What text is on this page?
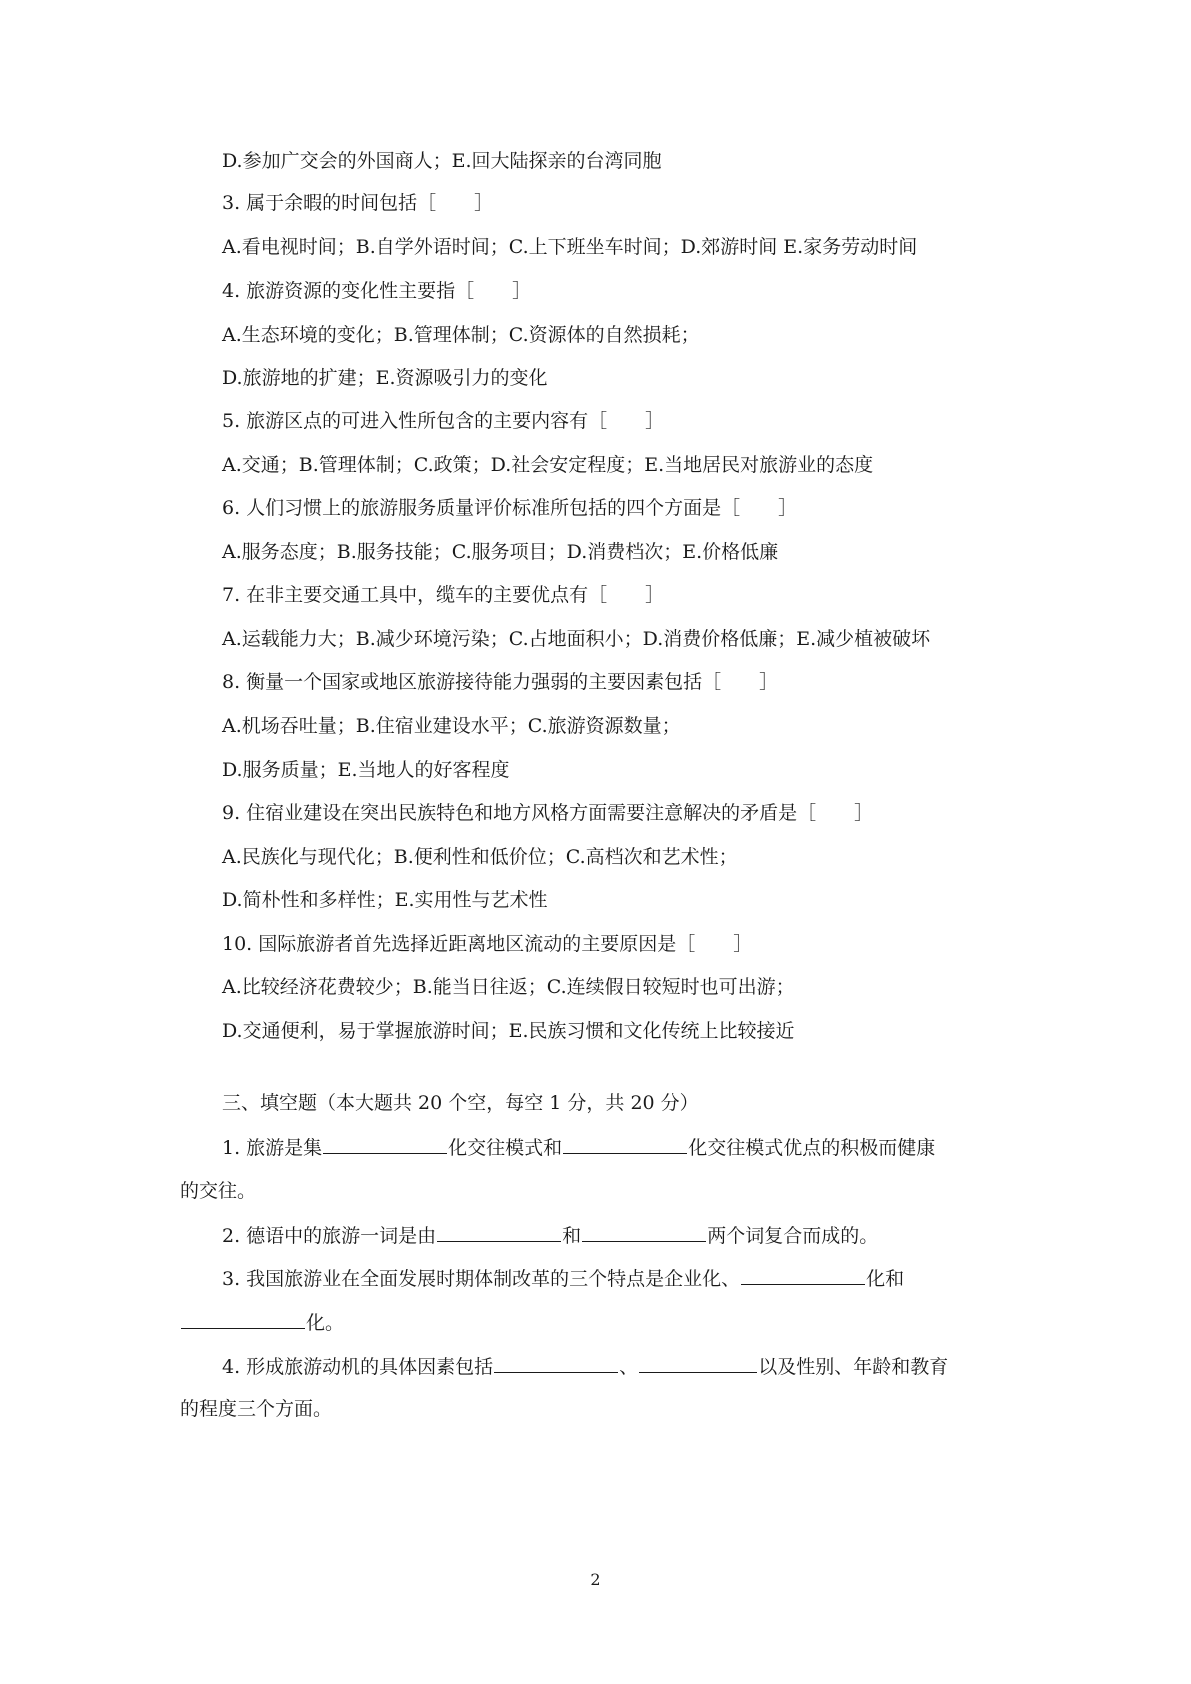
D.参加广交会的外国商人；E.回大陆探亲的台湾同胞
3. 属于余暇的时间包括［　　］
A.看电视时间；B.自学外语时间；C.上下班坐车时间；D.郊游时间 E.家务劳动时间
4. 旅游资源的变化性主要指［　　］
A.生态环境的变化；B.管理体制；C.资源体的自然损耗；
D.旅游地的扩建；E.资源吸引力的变化
5. 旅游区点的可进入性所包含的主要内容有［　　］
A.交通；B.管理体制；C.政策；D.社会安定程度；E.当地居民对旅游业的态度
6. 人们习惯上的旅游服务质量评价标准所包括的四个方面是［　　］
A.服务态度；B.服务技能；C.服务项目；D.消费档次；E.价格低廉
7. 在非主要交通工具中，缆车的主要优点有［　　］
A.运载能力大；B.减少环境污染；C.占地面积小；D.消费价格低廉；E.减少植被破坏
8. 衡量一个国家或地区旅游接待能力强弱的主要因素包括［　　］
A.机场吞吐量；B.住宿业建设水平；C.旅游资源数量；
D.服务质量；E.当地人的好客程度
9. 住宿业建设在突出民族特色和地方风格方面需要注意解决的矛盾是［　　］
A.民族化与现代化；B.便利性和低价位；C.高档次和艺术性；
D.简朴性和多样性；E.实用性与艺术性
10. 国际旅游者首先选择近距离地区流动的主要原因是［　　］
A.比较经济花费较少；B.能当日往返；C.连续假日较短时也可出游；
D.交通便利，易于掌握旅游时间；E.民族习惯和文化传统上比较接近
三、填空题（本大题共 20 个空，每空 1 分，共 20 分）
1. 旅游是集	化交往模式和	化交往模式优点的积极而健康
的交往。
2. 德语中的旅游一词是由	和	两个词复合而成的。
3. 我国旅游业在全面发展时期体制改革的三个特点是企业化、	化和
化。
4. 形成旅游动机的具体因素包括	、	以及性别、年龄和教育
的程度三个方面。
2
